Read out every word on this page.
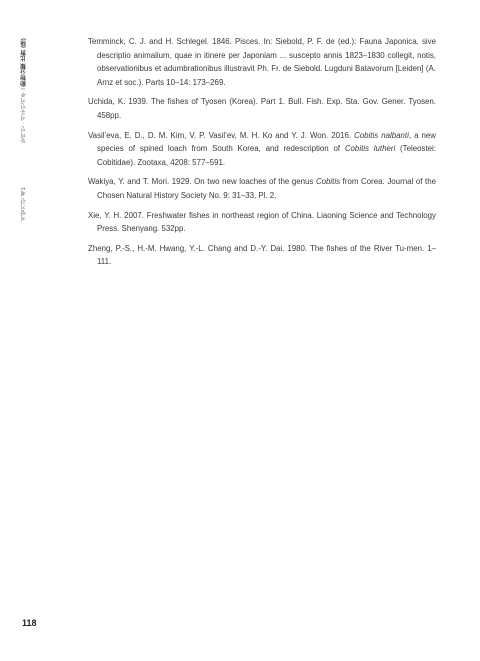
동미인 · 서유인기주 I 動物分類 比對 (陸)
지방기관 제1

Temminck, C. J. and H. Schlegel. 1846. Pisces. In: Siebold, P. F. de (ed.): Fauna Japonica, sive descriptio animalium, quae in itinere per Japoniam ... suscepto annis 1823–1830 collegit, notis, observationibus et adumbrationibus illustravit Ph. Fr. de Siebold. Lugduni Batavorum [Leiden] (A. Arnz et soc.). Parts 10–14: 173–269.

Uchida, K. 1939. The fishes of Tyosen (Korea). Part 1. Bull. Fish. Exp. Sta. Gov. Gener. Tyosen. 458pp.

Vasil’eva, E. D., D. M. Kim, V. P. Vasil’ev, M. H. Ko and Y. J. Won. 2016. Cobitis nalbanti, a new species of spined loach from South Korea, and redescription of Cobitis lutheri (Teleostei: Cobitidae). Zootaxa, 4208: 577–591.

Wakiya, Y. and T. Mori. 1929. On two new loaches of the genus Cobitis from Corea. Journal of the Chosen Natural History Society No. 9: 31–33, Pl. 2.

Xie, Y. H. 2007. Freshwater fishes in northeast region of China. Liaoning Science and Technology Press. Shenyang. 532pp.

Zheng, P.-S., H.-M. Hwang, Y.-L. Chang and D.-Y. Dai. 1980. The fishes of the River Tu-men. 1–111.

118
